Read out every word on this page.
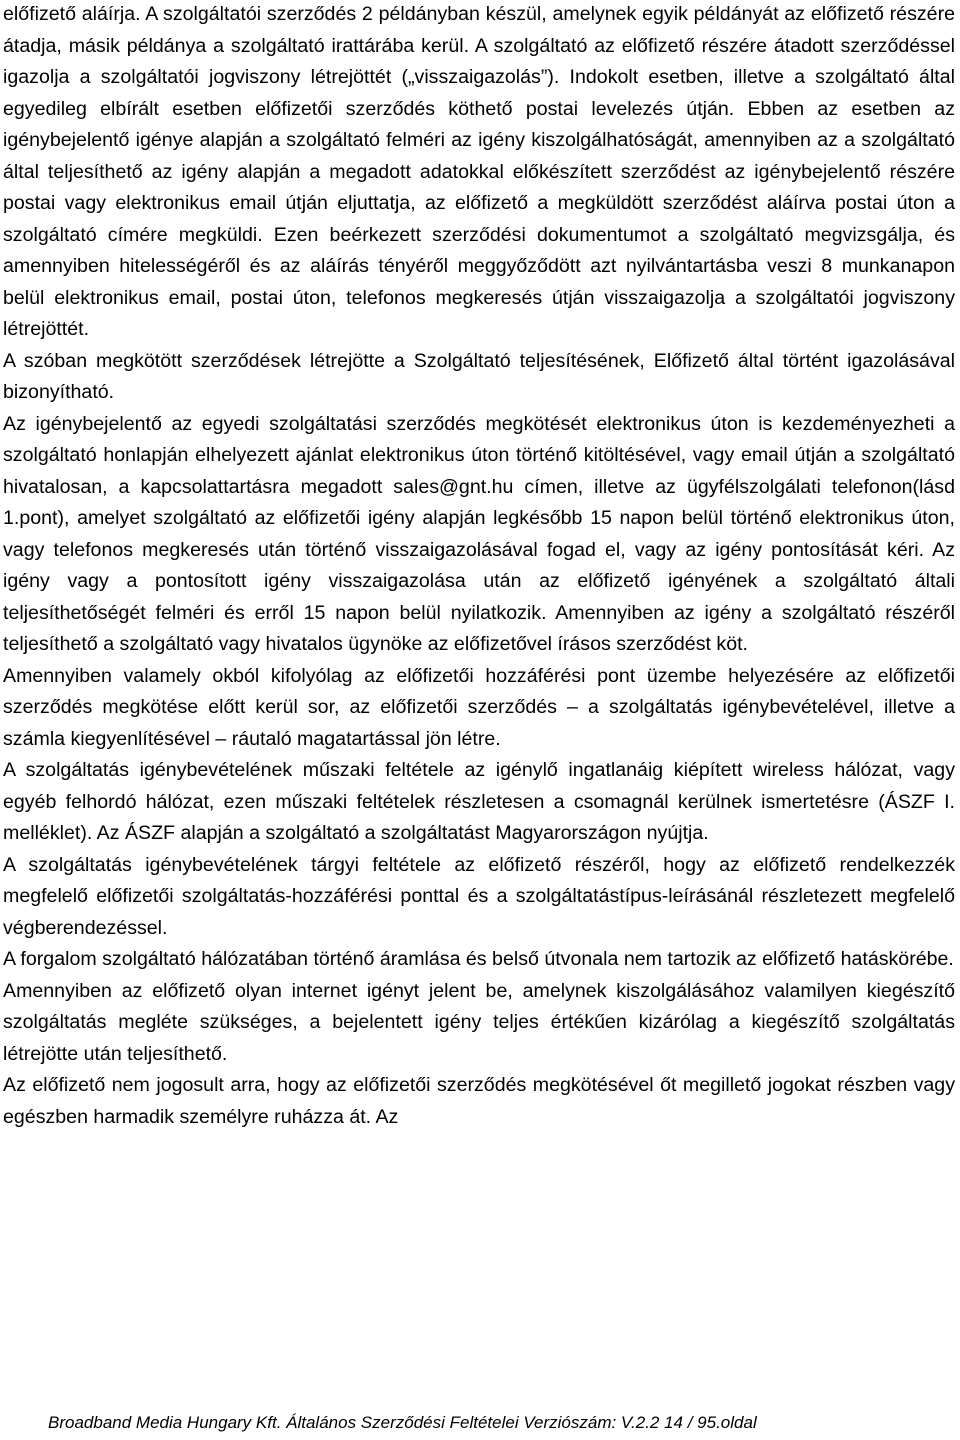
előfizető aláírja. A szolgáltatói szerződés 2 példányban készül, amelynek egyik példányát az előfizető részére átadja, másik példánya a szolgáltató irattárába kerül. A szolgáltató az előfizető részére átadott szerződéssel igazolja a szolgáltatói jogviszony létrejöttét („visszaigazolás”). Indokolt esetben, illetve a szolgáltató által egyedileg elbírált esetben előfizetői szerződés köthető postai levelezés útján. Ebben az esetben az igénybejelentő igénye alapján a szolgáltató felméri az igény kiszolgálhatóságát, amennyiben az a szolgáltató által teljesíthető az igény alapján a megadott adatokkal előkészített szerződést az igénybejelentő részére postai vagy elektronikus email útján eljuttatja, az előfizető a megküldött szerződést aláírva postai úton a szolgáltató címére megküldi. Ezen beérkezett szerződési dokumentumot a szolgáltató megvizsgálja, és amennyiben hitelességéről és az aláírás tényéről meggyőződött azt nyilvántartásba veszi 8 munkanapon belül elektronikus email, postai úton, telefonos megkeresés útján visszaigazolja a szolgáltatói jogviszony létrejöttét.

A szóban megkötött szerződések létrejötte a Szolgáltató teljesítésének, Előfizető által történt igazolásával bizonyítható.

Az igénybejelentő az egyedi szolgáltatási szerződés megkötését elektronikus úton is kezdeményezheti a szolgáltató honlapján elhelyezett ajánlat elektronikus úton történő kitöltésével, vagy email útján a szolgáltató hivatalosan, a kapcsolattartásra megadott sales@gnt.hu címen, illetve az ügyfélszolgálati telefonon(lásd 1.pont), amelyet szolgáltató az előfizetői igény alapján legkésőbb 15 napon belül történő elektronikus úton, vagy telefonos megkeresés után történő visszaigazolásával fogad el, vagy az igény pontosítását kéri. Az igény vagy a pontosított igény visszaigazolása után az előfizető igényének a szolgáltató általi teljesíthetőségét felméri és erről 15 napon belül nyilatkozik. Amennyiben az igény a szolgáltató részéről teljesíthető a szolgáltató vagy hivatalos ügynöke az előfizetővel írásos szerződést köt.

Amennyiben valamely okból kifolyólag az előfizetői hozzáférési pont üzembe helyezésére az előfizetői szerződés megkötése előtt kerül sor, az előfizetői szerződés – a szolgáltatás igénybevételével, illetve a számla kiegyenlítésével – ráutaló magatartással jön létre.

A szolgáltatás igénybevételének műszaki feltétele az igénylő ingatlanáig kiépített wireless hálózat, vagy egyéb felhordó hálózat, ezen műszaki feltételek részletesen a csomagnál kerülnek ismertetésre (ÁSZF I. melléklet). Az ÁSZF alapján a szolgáltató a szolgáltatást Magyarországon nyújtja.

A szolgáltatás igénybevételének tárgyi feltétele az előfizető részéről, hogy az előfizető rendelkezzék megfelelő előfizetői szolgáltatás-hozzáférési ponttal és a szolgáltatástípus-leírásánál részletezett megfelelő végberendezéssel.

A forgalom szolgáltató hálózatában történő áramlása és belső útvonala nem tartozik az előfizető hatáskörébe.

Amennyiben az előfizető olyan internet igényt jelent be, amelynek kiszolgálásához valamilyen kiegészítő szolgáltatás megléte szükséges, a bejelentett igény teljes értékűen kizárólag a kiegészítő szolgáltatás létrejötte után teljesíthető.

Az előfizető nem jogosult arra, hogy az előfizetői szerződés megkötésével őt megillető jogokat részben vagy egészben harmadik személyre ruházza át. Az

Broadband Media Hungary Kft. Általános Szerződési Feltételei Verziószám: V.2.2 14 / 95.oldal
